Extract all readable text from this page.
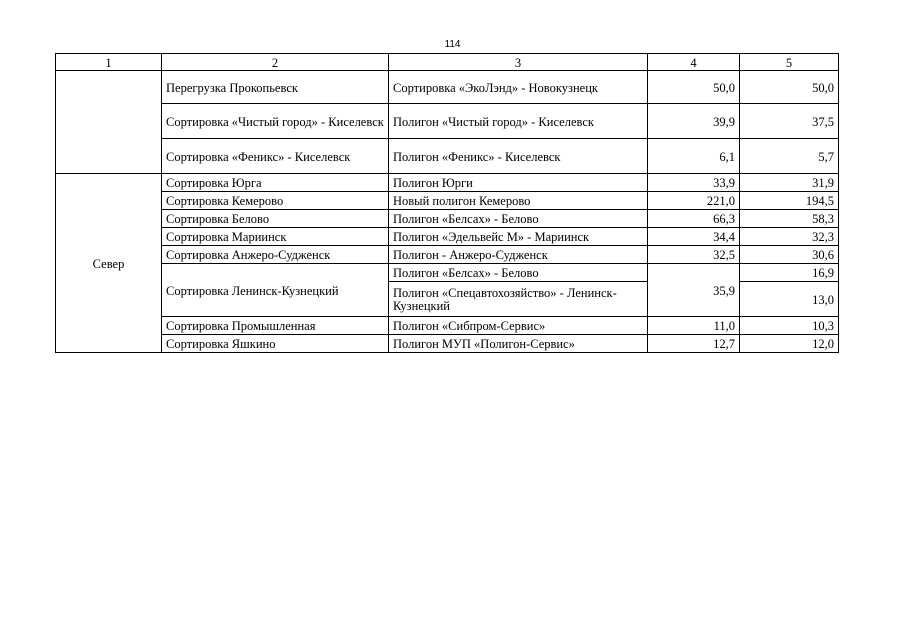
114
1	2	3	4	5
	Перегрузка Прокопьевск	Сортировка «ЭкоЛэнд» - Новокузнецк	50,0	50,0
	Сортировка «Чистый город» - Киселевск	Полигон «Чистый город» - Киселевск	39,9	37,5
	Сортировка «Феникс» - Киселевск	Полигон «Феникс» - Киселевск	6,1	5,7
Север	Сортировка Юрга	Полигон Юрги	33,9	31,9
	Сортировка Кемерово	Новый полигон Кемерово	221,0	194,5
	Сортировка Белово	Полигон «Белсах» - Белово	66,3	58,3
	Сортировка Мариинск	Полигон «Эдельвейс М» - Мариинск	34,4	32,3
	Сортировка Анжеро-Судженск	Полигон - Анжеро-Судженск	32,5	30,6
	Сортировка Ленинск-Кузнецкий	Полигон «Белсах» - Белово	35,9	16,9
		Полигон «Спецавтохозяйство» - Ленинск-Кузнецкий		13,0
	Сортировка Промышленная	Полигон «Сибпром-Сервис»	11,0	10,3
	Сортировка Яшкино	Полигон МУП «Полигон-Сервис»	12,7	12,0
